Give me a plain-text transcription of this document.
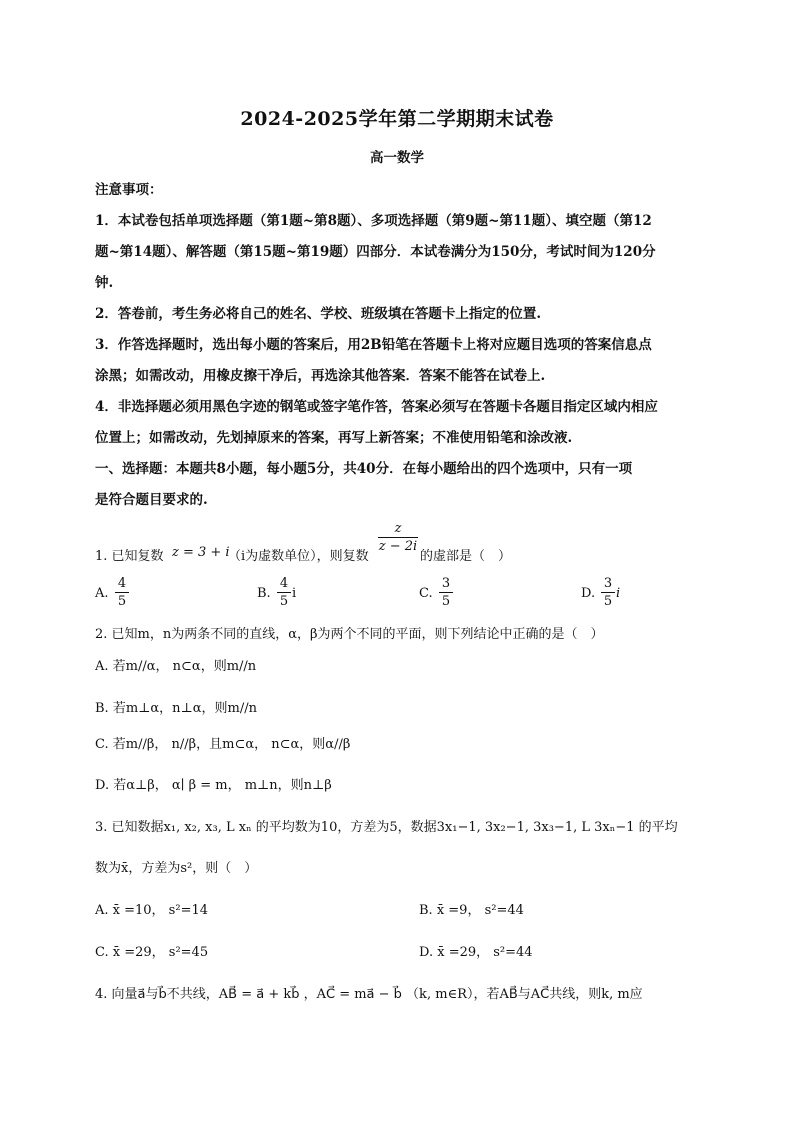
2024-2025学年第二学期期末试卷
高一数学
注意事项：
1．本试卷包括单项选择题（第1题~第8题）、多项选择题（第9题~第11题）、填空题（第12
题~第14题）、解答题（第15题~第19题）四部分．本试卷满分为150分，考试时间为120分
钟.
2．答卷前，考生务必将自己的姓名、学校、班级填在答题卡上指定的位置.
3．作答选择题时，选出每小题的答案后，用2B铅笔在答题卡上将对应题目选项的答案信息点
涂黑；如需改动，用橡皮擦干净后，再选涂其他答案．答案不能答在试卷上.
4．非选择题必须用黑色字迹的钢笔或签字笔作答，答案必须写在答题卡各题目指定区域内相应
位置上；如需改动，先划掉原来的答案，再写上新答案；不准使用铅笔和涂改液.
一、选择题：本题共8小题，每小题5分，共40分．在每小题给出的四个选项中，只有一项
是符合题目要求的.
1. 已知复数 z = 3 + i
（i为虚数单位），则复数
z
z − 2i
的虚部是（　）
A.
4
5
B.
4
5
i	C.
3
5
D.
3
5
i
2. 已知m，n为两条不同的直线，α，β为两个不同的平面，则下列结论中正确的是（　）
A. 若m//α， n⊂α，则m//n
B. 若m⊥α，n⊥α，则m//n
C. 若m//β， n//β，且m⊂α， n⊂α，则α//β
D. 若α⊥β， α∣ β = m， m⊥n，则n⊥β
3. 已知数据x₁, x₂, x₃, L xₙ 的平均数为10，方差为5，数据3x₁−1, 3x₂−1, 3x₃−1, L 3xₙ−1 的平均
数为x̄，方差为s²，则（　）
A. x̄ =10， s²=14	B. x̄ =9， s²=44
C. x̄ =29， s²=45	D. x̄ =29， s²=44
4. 向量a⃗与b⃗不共线，AB⃗ = a⃗ + kb⃗ ，AC⃗ = ma⃗ − b⃗ （k, m∈R），若AB⃗与AC⃗共线，则k, m应
